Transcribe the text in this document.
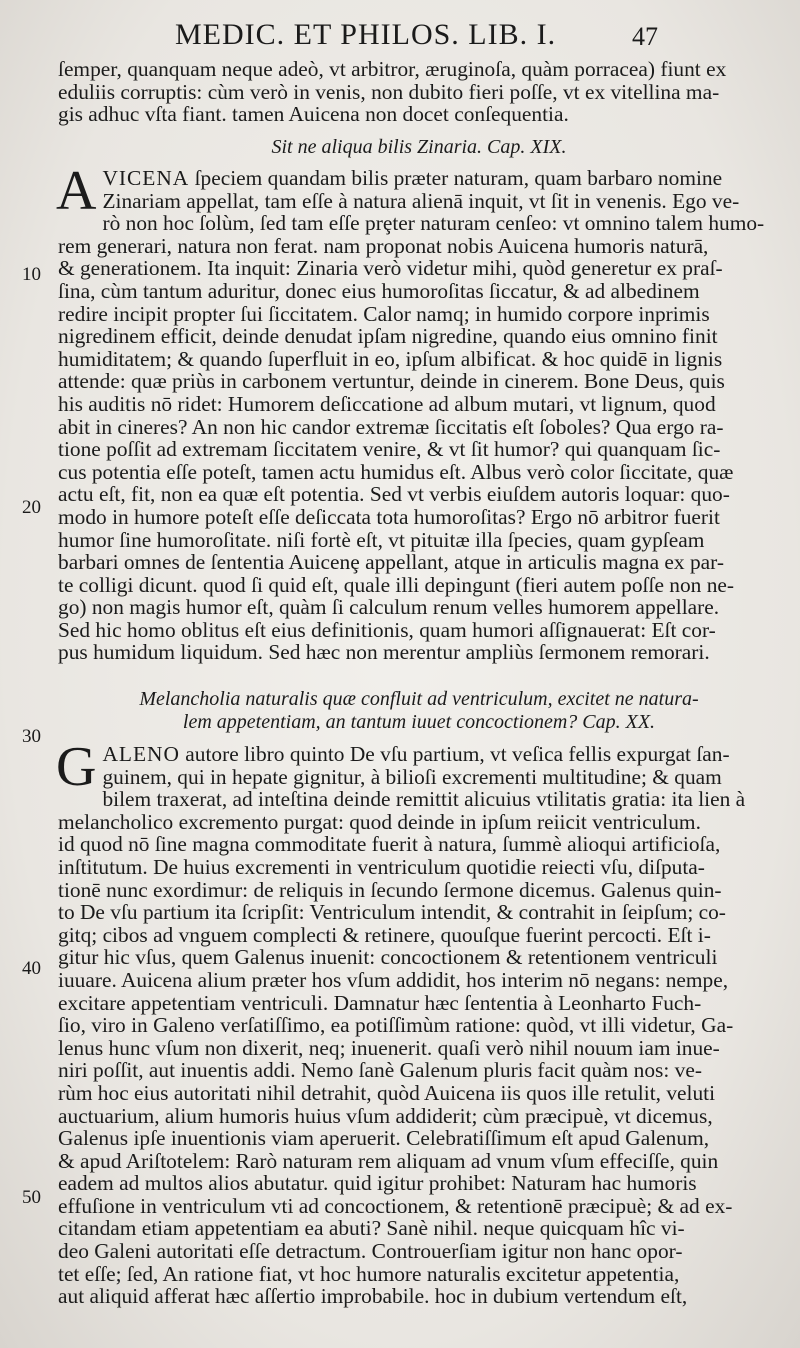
MEDIC. ET PHILOS. LIB. I.	47
ſemper, quanquam neque adeò, vt arbitror, æruginoſa, quàm porracea) fiunt ex
eduliis corruptis: cùm verò in venis, non dubito fieri poſſe, vt ex vitellina ma-
gis adhuc vſta fiant. tamen Auicena non docet conſequentia.
Sit ne aliqua bilis Zinaria. Cap. XIX.
A VICENA ſpeciem quandam bilis præter naturam, quam barbaro nomine
Zinariam appellat, tam eſſe à natura alienā inquit, vt ſit in venenis. Ego ve-
rò non hoc ſolùm, ſed tam eſſe prȩter naturam cenſeo: vt omnino talem humo-
rem generari, natura non ferat. nam proponat nobis Auicena humoris naturā,
& generationem. Ita inquit: Zinaria verò videtur mihi, quòd generetur ex praſ-
ſina, cùm tantum aduritur, donec eius humoroſitas ſiccatur, & ad albedinem
redire incipit propter ſui ſiccitatem. Calor namq; in humido corpore inprimis
nigredinem efficit, deinde denudat ipſam nigredine, quando eius omnino finit
humiditatem; & quando ſuperfluit in eo, ipſum albificat. & hoc quidē in lignis
attende: quæ priùs in carbonem vertuntur, deinde in cinerem. Bone Deus, quis
his auditis nō ridet: Humorem deſiccatione ad album mutari, vt lignum, quod
abit in cineres? An non hic candor extremæ ſiccitatis eſt ſoboles? Qua ergo ra-
tione poſſit ad extremam ſiccitatem venire, & vt ſit humor? qui quanquam ſic-
cus potentia eſſe poteſt, tamen actu humidus eſt. Albus verò color ſiccitate, quæ
actu eſt, fit, non ea quæ eſt potentia. Sed vt verbis eiuſdem autoris loquar: quo-
modo in humore poteſt eſſe deſiccata tota humoroſitas? Ergo nō arbitror fuerit
humor ſine humoroſitate. niſi fortè eſt, vt pituitæ illa ſpecies, quam gypſeam
barbari omnes de ſententia Auicenȩ appellant, atque in articulis magna ex par-
te colligi dicunt. quod ſi quid eſt, quale illi depingunt (fieri autem poſſe non ne-
go) non magis humor eſt, quàm ſi calculum renum velles humorem appellare.
Sed hic homo oblitus eſt eius definitionis, quam humori aſſignauerat: Eſt cor-
pus humidum liquidum. Sed hæc non merentur ampliùs ſermonem remorari.
Melancholia naturalis quæ confluit ad ventriculum, excitet ne natura-
lem appetentiam, an tantum iuuet concoctionem? Cap. XX.
G ALENO autore libro quinto De vſu partium, vt veſica fellis expurgat ſan-
guinem, qui in hepate gignitur, à bilioſi excrementi multitudine; & quam
bilem traxerat, ad inteſtina deinde remittit alicuius vtilitatis gratia: ita lien à
melancholico excremento purgat: quod deinde in ipſum reiicit ventriculum.
id quod nō ſine magna commoditate fuerit à natura, ſummè alioqui artificioſa,
inſtitutum. De huius excrementi in ventriculum quotidie reiecti vſu, diſputa-
tionē nunc exordimur: de reliquis in ſecundo ſermone dicemus. Galenus quin-
to De vſu partium ita ſcripſit: Ventriculum intendit, & contrahit in ſeipſum; co-
gitq; cibos ad vnguem complecti & retinere, quouſque fuerint percocti. Eſt i-
gitur hic vſus, quem Galenus inuenit: concoctionem & retentionem ventriculi
iuuare. Auicena alium præter hos vſum addidit, hos interim nō negans: nempe,
excitare appetentiam ventriculi. Damnatur hæc ſententia à Leonharto Fuch-
ſio, viro in Galeno verſatiſſimo, ea potiſſimùm ratione: quòd, vt illi videtur, Ga-
lenus hunc vſum non dixerit, neq; inuenerit. quaſi verò nihil nouum iam inue-
niri poſſit, aut inuentis addi. Nemo ſanè Galenum pluris facit quàm nos: ve-
rùm hoc eius autoritati nihil detrahit, quòd Auicena iis quos ille retulit, veluti
auctuarium, alium humoris huius vſum addiderit; cùm præcipuè, vt dicemus,
Galenus ipſe inuentionis viam aperuerit. Celebratiſſimum eſt apud Galenum,
& apud Ariſtotelem: Rarò naturam rem aliquam ad vnum vſum effeciſſe, quin
eadem ad multos alios abutatur. quid igitur prohibet: Naturam hac humoris
effuſione in ventriculum vti ad concoctionem, & retentionē præcipuè; & ad ex-
citandam etiam appetentiam ea abuti? Sanè nihil. neque quicquam hîc vi-
deo Galeni autoritati eſſe detractum. Controuerſiam igitur non hanc opor-
tet eſſe; ſed, An ratione fiat, vt hoc humore naturalis excitetur appetentia,
aut aliquid afferat hæc aſſertio improbabile. hoc in dubium vertendum eſt,
10
20
30
40
50
